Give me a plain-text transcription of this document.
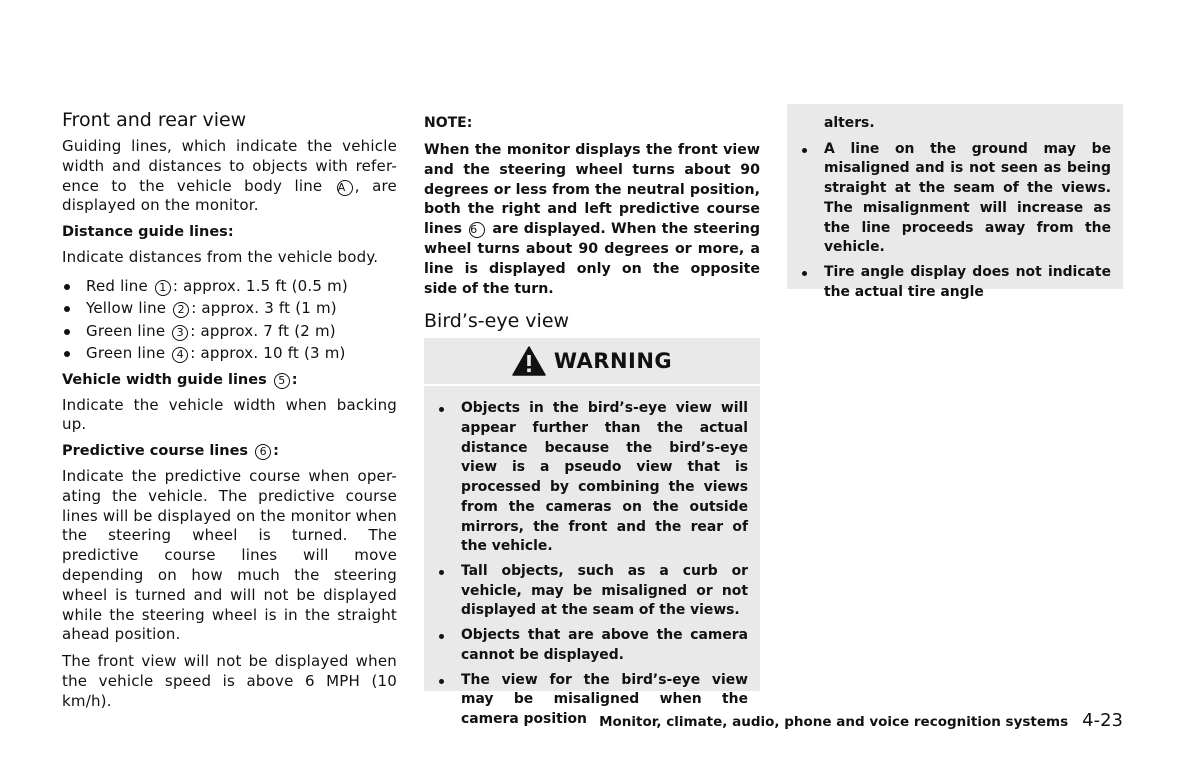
Front and rear view

Guiding lines, which indicate the vehicle width and distances to objects with refer- ence to the vehicle body line A , are displayed on the monitor.

Distance guide lines:

Indicate distances from the vehicle body.

Red line 1 : approx. 1.5 ft (0.5 m)
Yellow line 2 : approx. 3 ft (1 m)
Green line 3 : approx. 7 ft (2 m)
Green line 4 : approx. 10 ft (3 m)
Vehicle width guide lines 5 :

Indicate the vehicle width when backing up.

Predictive course lines 6 :

Indicate the predictive course when oper- ating the vehicle. The predictive course lines will be displayed on the monitor when the steering wheel is turned. The predictive course lines will move depending on how much the steering wheel is turned and will not be displayed while the steering wheel is in the straight ahead position.

The front view will not be displayed when the vehicle speed is above 6 MPH (10 km/h).

NOTE:

When the monitor displays the front view and the steering wheel turns about 90 degrees or less from the neutral position, both the right and left predictive course lines 6 are displayed. When the steering wheel turns about 90 degrees or more, a line is displayed only on the opposite side of the turn.

Bird’s-eye view
WARNING
Objects in the bird’s-eye view will appear further than the actual distance because the bird’s-eye view is a pseudo view that is processed by combining the views from the cameras on the outside mirrors, the front and the rear of the vehicle.
Tall objects, such as a curb or vehicle, may be misaligned or not displayed at the seam of the views.
Objects that are above the camera cannot be displayed.
The view for the bird’s-eye view may be misaligned when the camera position
alters.
A line on the ground may be misaligned and is not seen as being straight at the seam of the views. The misalignment will increase as the line proceeds away from the vehicle.
Tire angle display does not indicate the actual tire angle
Monitor, climate, audio, phone and voice recognition systems 4-23
